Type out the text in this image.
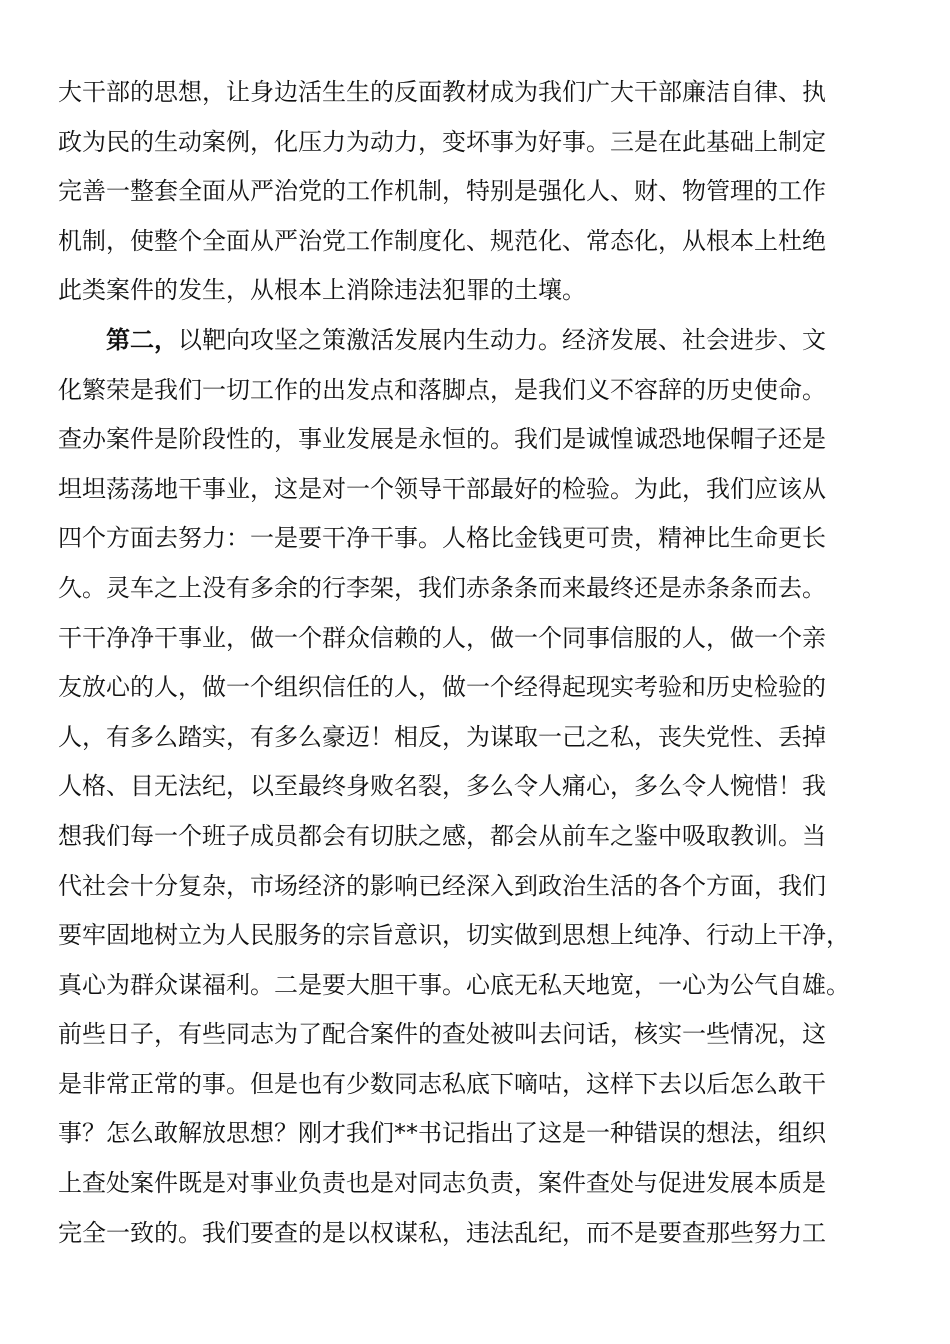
大干部的思想，让身边活生生的反面教材成为我们广大干部廉洁自律、执
政为民的生动案例，化压力为动力，变坏事为好事。三是在此基础上制定
完善一整套全面从严治党的工作机制，特别是强化人、财、物管理的工作
机制，使整个全面从严治党工作制度化、规范化、常态化，从根本上杜绝
此类案件的发生，从根本上消除违法犯罪的土壤。
第二，以靶向攻坚之策激活发展内生动力。经济发展、社会进步、文
化繁荣是我们一切工作的出发点和落脚点，是我们义不容辞的历史使命。
查办案件是阶段性的，事业发展是永恒的。我们是诚惶诚恐地保帽子还是
坦坦荡荡地干事业，这是对一个领导干部最好的检验。为此，我们应该从
四个方面去努力：一是要干净干事。人格比金钱更可贵，精神比生命更长
久。灵车之上没有多余的行李架，我们赤条条而来最终还是赤条条而去。
干干净净干事业，做一个群众信赖的人，做一个同事信服的人，做一个亲
友放心的人，做一个组织信任的人，做一个经得起现实考验和历史检验的
人，有多么踏实，有多么豪迈！相反，为谋取一己之私，丧失党性、丢掉
人格、目无法纪，以至最终身败名裂，多么令人痛心，多么令人惋惜！我
想我们每一个班子成员都会有切肤之感，都会从前车之鉴中吸取教训。当
代社会十分复杂，市场经济的影响已经深入到政治生活的各个方面，我们
要牢固地树立为人民服务的宗旨意识，切实做到思想上纯净、行动上干净，
真心为群众谋福利。二是要大胆干事。心底无私天地宽，一心为公气自雄。
前些日子，有些同志为了配合案件的查处被叫去问话，核实一些情况，这
是非常正常的事。但是也有少数同志私底下嘀咕，这样下去以后怎么敢干
事？怎么敢解放思想？刚才我们**书记指出了这是一种错误的想法，组织
上查处案件既是对事业负责也是对同志负责，案件查处与促进发展本质是
完全一致的。我们要查的是以权谋私，违法乱纪，而不是要查那些努力工
